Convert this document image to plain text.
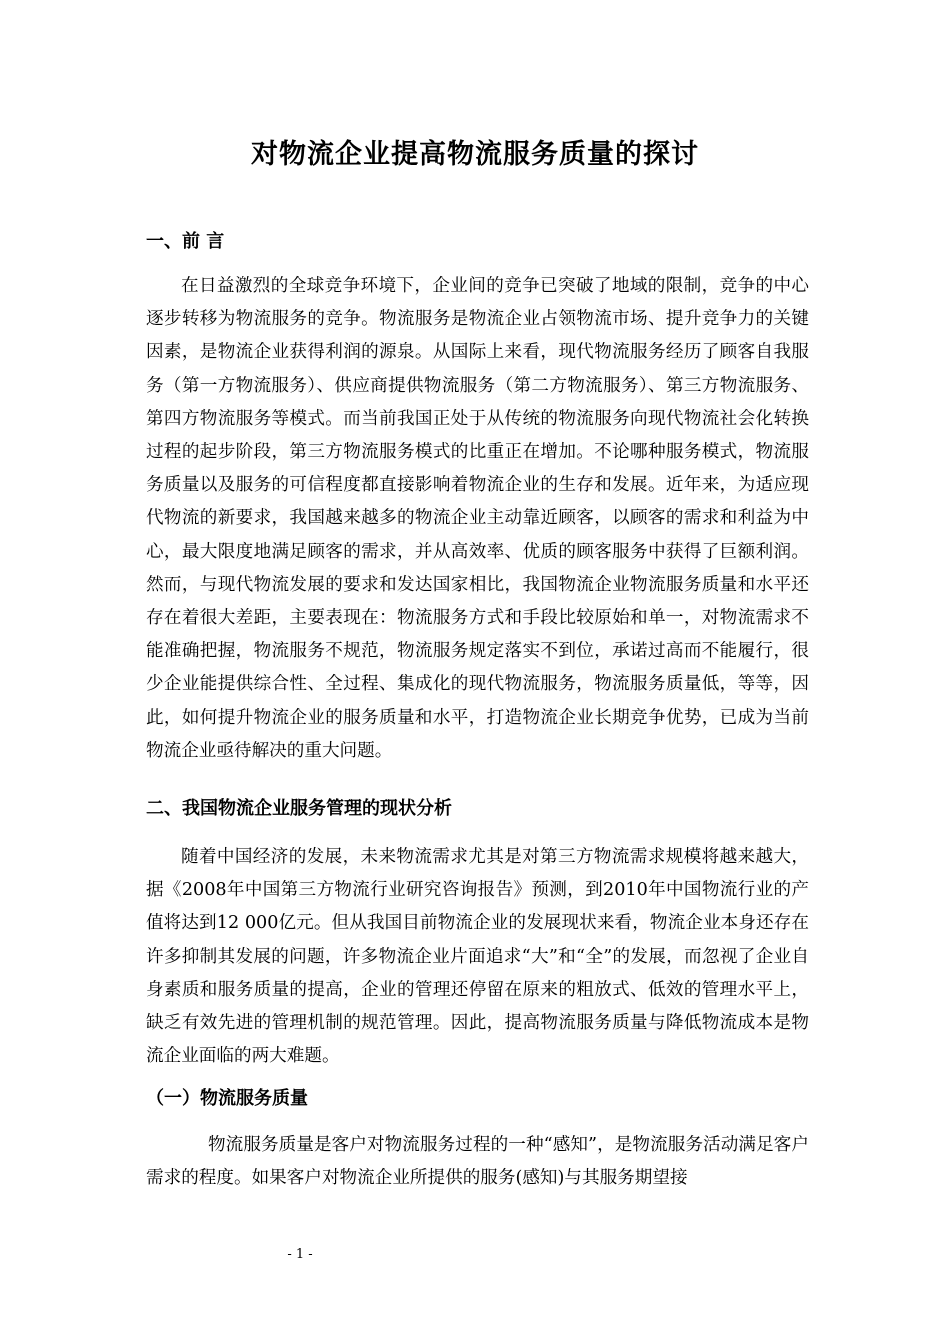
对物流企业提高物流服务质量的探讨
一、前 言
在日益激烈的全球竞争环境下，企业间的竞争已突破了地域的限制，竞争的中心逐步转移为物流服务的竞争。物流服务是物流企业占领物流市场、提升竞争力的关键因素，是物流企业获得利润的源泉。从国际上来看，现代物流服务经历了顾客自我服务（第一方物流服务）、供应商提供物流服务（第二方物流服务）、第三方物流服务、第四方物流服务等模式。而当前我国正处于从传统的物流服务向现代物流社会化转换过程的起步阶段，第三方物流服务模式的比重正在增加。不论哪种服务模式，物流服务质量以及服务的可信程度都直接影响着物流企业的生存和发展。近年来，为适应现代物流的新要求，我国越来越多的物流企业主动靠近顾客，以顾客的需求和利益为中心，最大限度地满足顾客的需求，并从高效率、优质的顾客服务中获得了巨额利润。然而，与现代物流发展的要求和发达国家相比，我国物流企业物流服务质量和水平还存在着很大差距，主要表现在：物流服务方式和手段比较原始和单一，对物流需求不能准确把握，物流服务不规范，物流服务规定落实不到位，承诺过高而不能履行，很少企业能提供综合性、全过程、集成化的现代物流服务，物流服务质量低，等等，因此，如何提升物流企业的服务质量和水平，打造物流企业长期竞争优势，已成为当前物流企业亟待解决的重大问题。
二、我国物流企业服务管理的现状分析
随着中国经济的发展，未来物流需求尤其是对第三方物流需求规模将越来越大，据《2008年中国第三方物流行业研究咨询报告》预测，到2010年中国物流行业的产值将达到12 000亿元。但从我国目前物流企业的发展现状来看，物流企业本身还存在许多抑制其发展的问题，许多物流企业片面追求“大”和“全”的发展，而忽视了企业自身素质和服务质量的提高，企业的管理还停留在原来的粗放式、低效的管理水平上，缺乏有效先进的管理机制的规范管理。因此，提高物流服务质量与降低物流成本是物流企业面临的两大难题。
（一）物流服务质量
物流服务质量是客户对物流服务过程的一种“感知”，是物流服务活动满足客户需求的程度。如果客户对物流企业所提供的服务(感知)与其服务期望接
- 1 -
